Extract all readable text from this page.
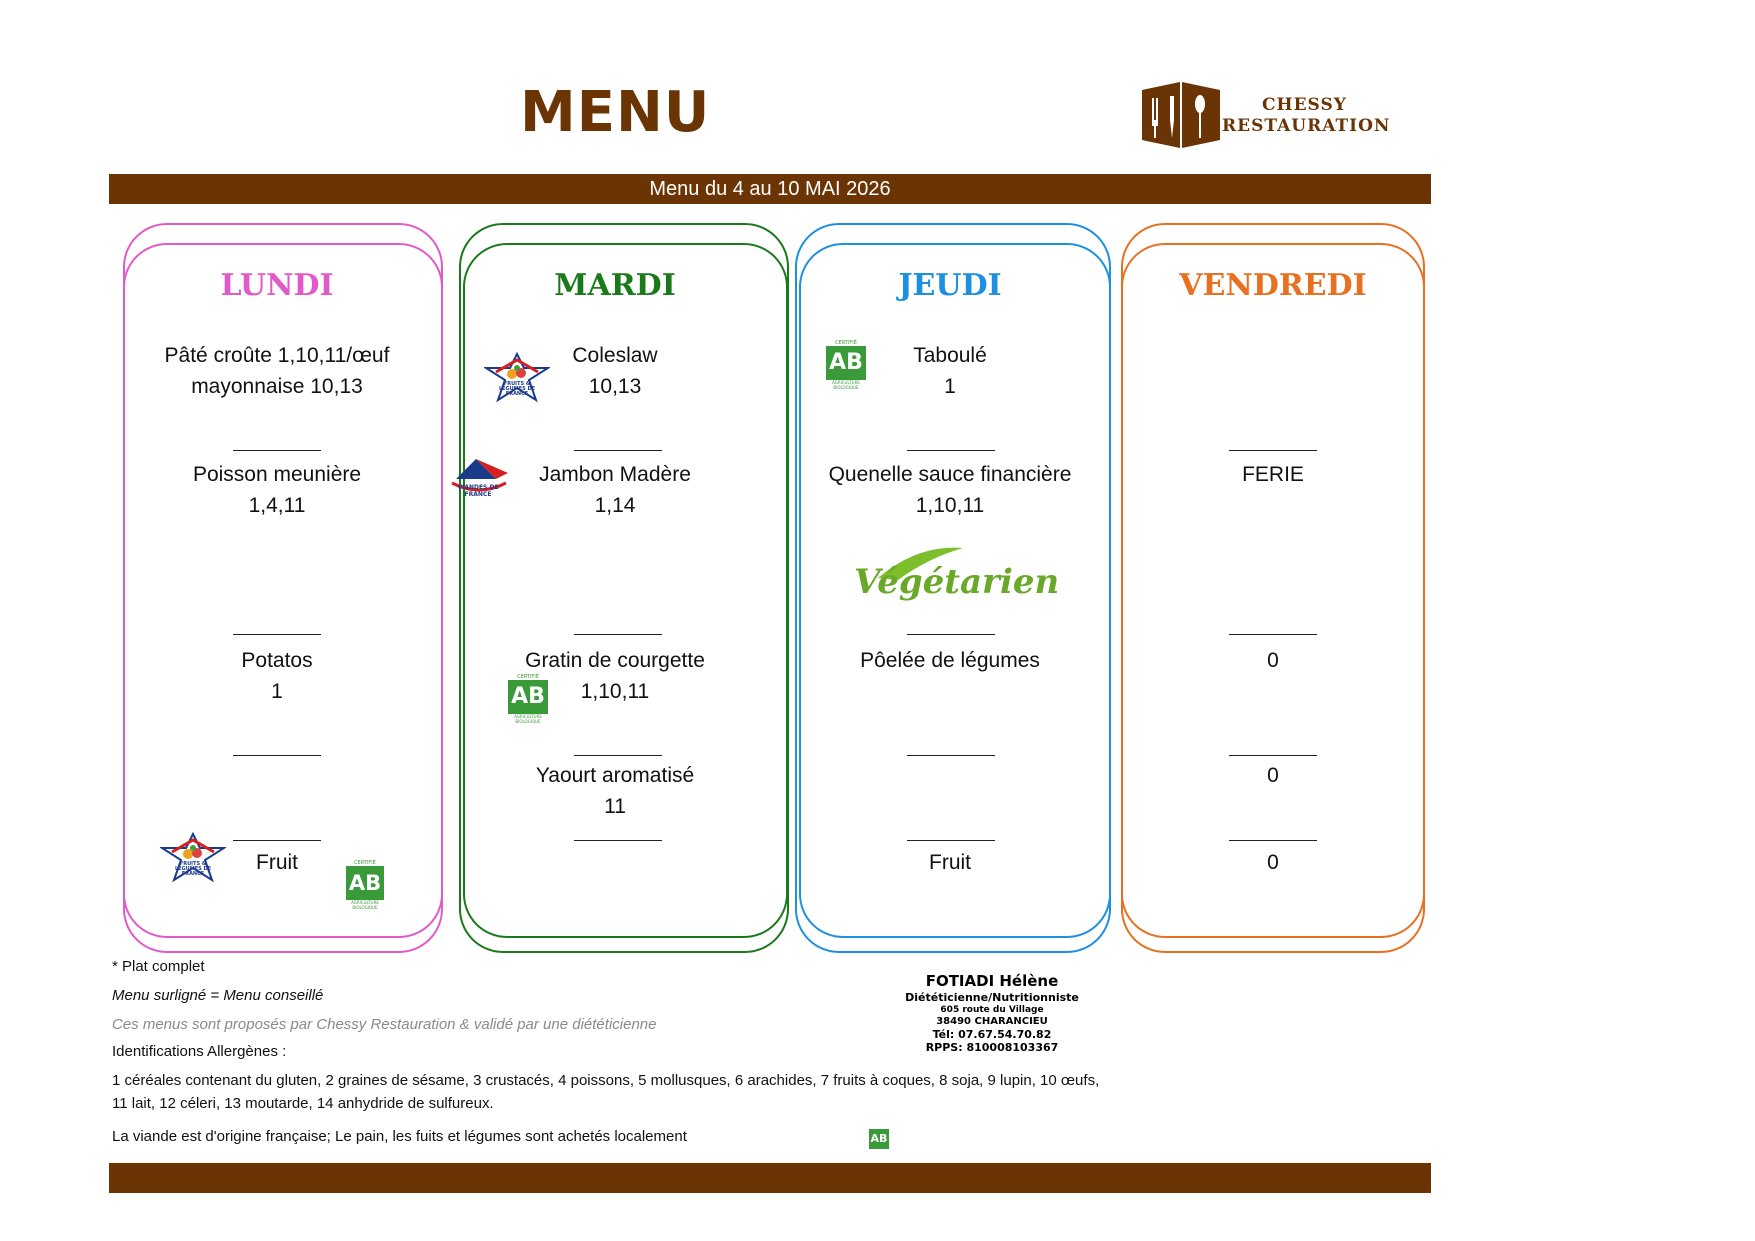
MENU	CHESSY
RESTAURATION
Menu du 4 au 10 MAI 2026
LUNDI
Pâté croûte 1,10,11/œuf
mayonnaise 10,13
Poisson meunière
1,4,11
Potatos
1
Fruit
MARDI
Coleslaw
10,13
Jambon Madère
1,14
Gratin de courgette
1,10,11
Yaourt aromatisé
11
JEUDI
Taboulé
1
Quenelle sauce financière
1,10,11
Pôelée de légumes
Fruit
VENDREDI
FERIE
0
0
0
FRUITS & LÉGUMES DE FRANCE
VIANDES DE FRANCE
FRUITS & LÉGUMES DE FRANCE
CERTIFIÉ
AB
AGRICULTURE BIOLOGIQUE
CERTIFIÉ
AB
AGRICULTURE BIOLOGIQUE
CERTIFIÉ
AB
AGRICULTURE BIOLOGIQUE
AB
Végétarien
* Plat complet
Menu surligné = Menu conseillé
Ces menus sont proposés par Chessy Restauration & validé par une diététicienne
Identifications Allergènes :
1 céréales contenant du gluten, 2 graines de sésame, 3 crustacés, 4 poissons, 5 mollusques, 6 arachides, 7 fruits à coques, 8 soja, 9 lupin, 10 œufs,
11 lait, 12 céleri, 13 moutarde, 14 anhydride de sulfureux.
La viande est d'origine française; Le pain, les fuits et légumes sont achetés localement
FOTIADI Hélène
Diététicienne/Nutritionniste
605 route du Village
38490 CHARANCIEU
Tél: 07.67.54.70.82
RPPS: 810008103367
